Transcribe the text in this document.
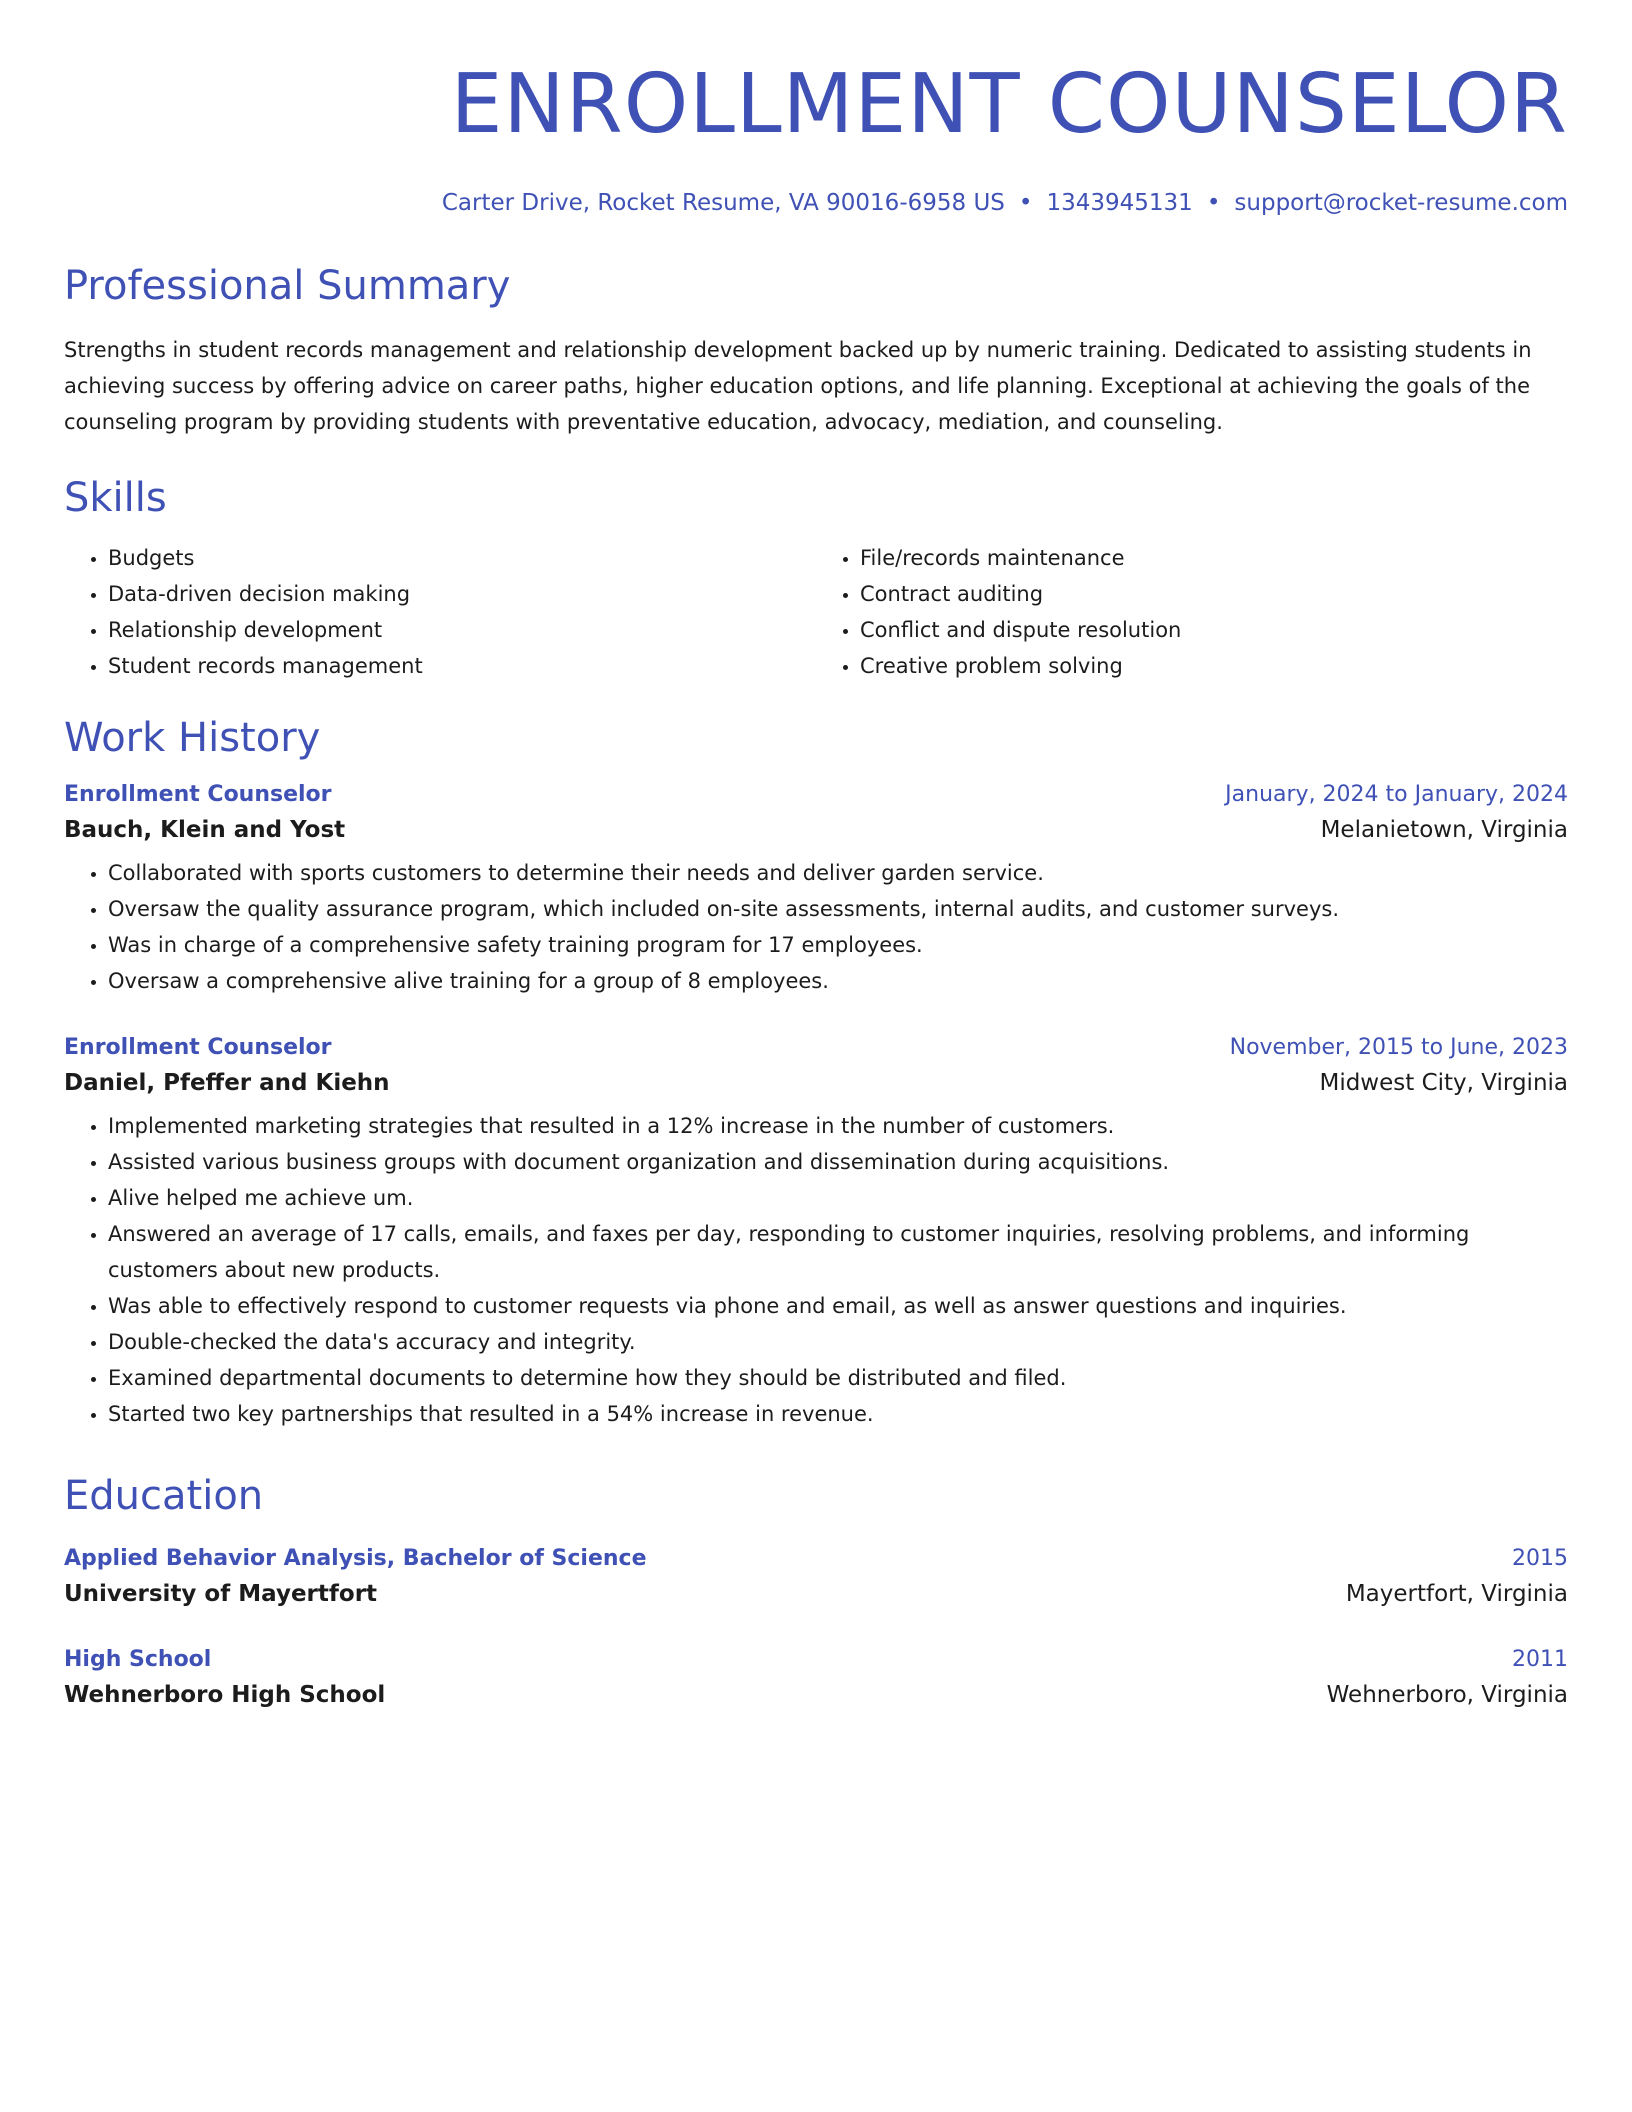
ENROLLMENT COUNSELOR
Carter Drive, Rocket Resume, VA 90016-6958 US • 1343945131 • support@rocket-resume.com
Professional Summary
Strengths in student records management and relationship development backed up by numeric training. Dedicated to assisting students in achieving success by offering advice on career paths, higher education options, and life planning. Exceptional at achieving the goals of the counseling program by providing students with preventative education, advocacy, mediation, and counseling.
Skills
• Budgets
• Data-driven decision making
• Relationship development
• Student records management
• File/records maintenance
• Contract auditing
• Conflict and dispute resolution
• Creative problem solving
Work History
Enrollment Counselor	January, 2024 to January, 2024
Bauch, Klein and Yost	Melanietown, Virginia
• Collaborated with sports customers to determine their needs and deliver garden service.
• Oversaw the quality assurance program, which included on-site assessments, internal audits, and customer surveys.
• Was in charge of a comprehensive safety training program for 17 employees.
• Oversaw a comprehensive alive training for a group of 8 employees.
Enrollment Counselor	November, 2015 to June, 2023
Daniel, Pfeffer and Kiehn	Midwest City, Virginia
• Implemented marketing strategies that resulted in a 12% increase in the number of customers.
• Assisted various business groups with document organization and dissemination during acquisitions.
• Alive helped me achieve um.
• Answered an average of 17 calls, emails, and faxes per day, responding to customer inquiries, resolving problems, and informing customers about new products.
• Was able to effectively respond to customer requests via phone and email, as well as answer questions and inquiries.
• Double-checked the data's accuracy and integrity.
• Examined departmental documents to determine how they should be distributed and filed.
• Started two key partnerships that resulted in a 54% increase in revenue.
Education
Applied Behavior Analysis, Bachelor of Science	2015
University of Mayertfort	Mayertfort, Virginia
High School	2011
Wehnerboro High School	Wehnerboro, Virginia
